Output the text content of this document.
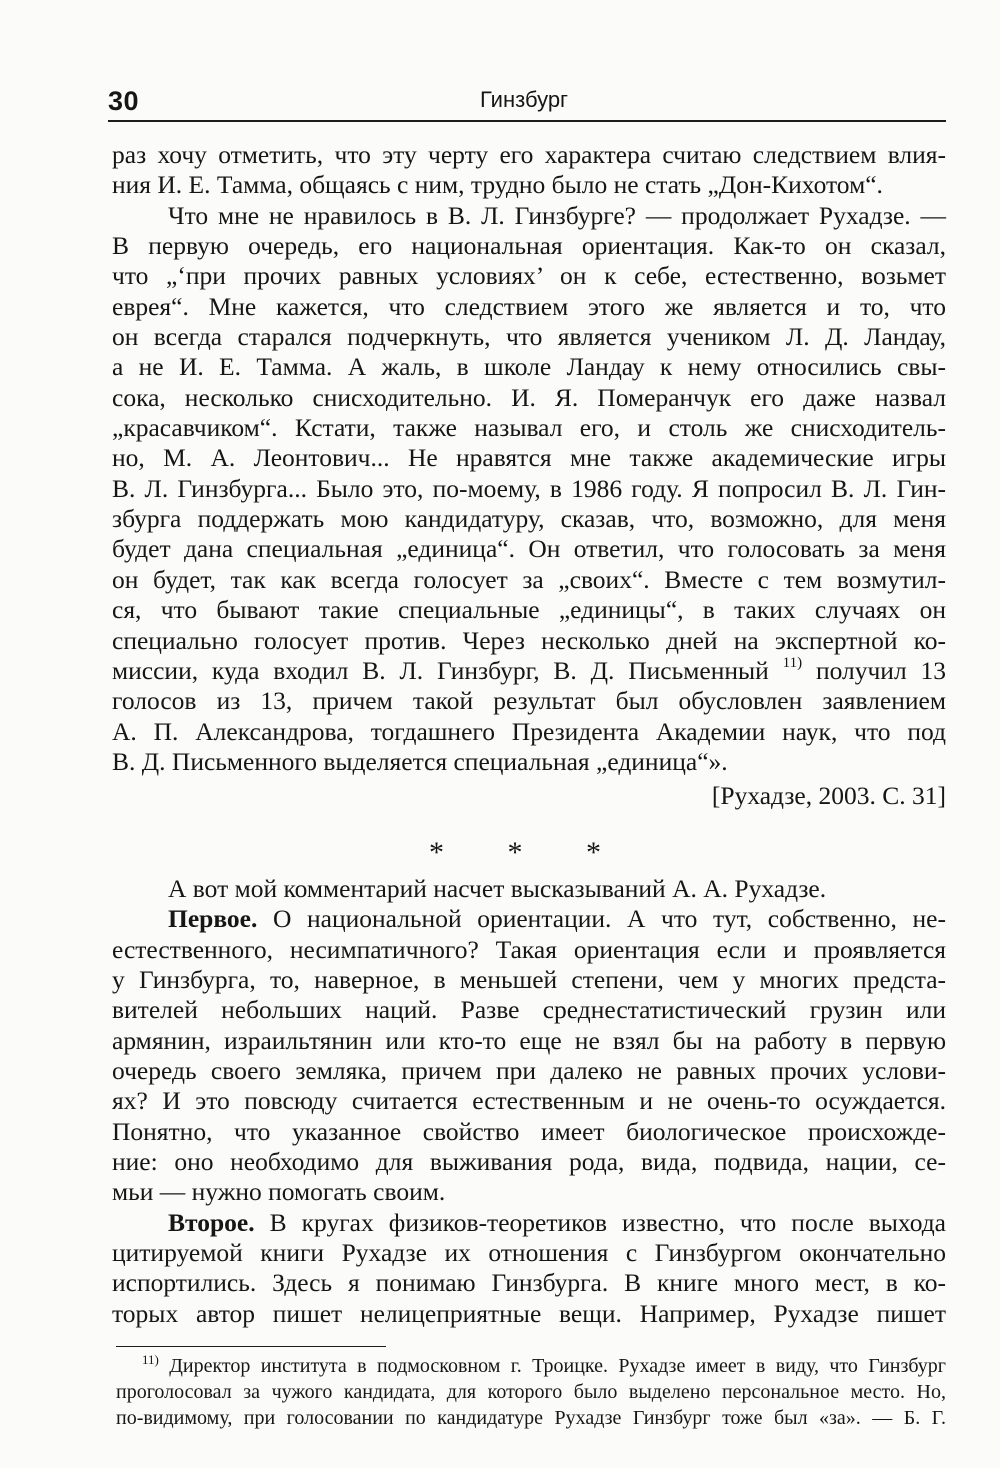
30	Гинзбург
раз хочу отметить, что эту черту его характера считаю следствием влия-
ния И. Е. Тамма, общаясь с ним, трудно было не стать „Дон-Кихотом“.
Что мне не нравилось в В. Л. Гинзбурге? — продолжает Рухадзе. —
В первую очередь, его национальная ориентация. Как-то он сказал,
что „‘при прочих равных условиях’ он к себе, естественно, возьмет
еврея“. Мне кажется, что следствием этого же является и то, что
он всегда старался подчеркнуть, что является учеником Л. Д. Ландау,
а не И. Е. Тамма. А жаль, в школе Ландау к нему относились свы-
сока, несколько снисходительно. И. Я. Померанчук его даже назвал
„красавчиком“. Кстати, также называл его, и столь же снисходитель-
но, М. А. Леонтович... Не нравятся мне также академические игры
В. Л. Гинзбурга... Было это, по-моему, в 1986 году. Я попросил В. Л. Гин-
збурга поддержать мою кандидатуру, сказав, что, возможно, для меня
будет дана специальная „единица“. Он ответил, что голосовать за меня
он будет, так как всегда голосует за „своих“. Вместе с тем возмутил-
ся, что бывают такие специальные „единицы“, в таких случаях он
специально голосует против. Через несколько дней на экспертной ко-
миссии, куда входил В. Л. Гинзбург, В. Д. Письменный $^{11)}$ получил 13
голосов из 13, причем такой результат был обусловлен заявлением
А. П. Александрова, тогдашнего Президента Академии наук, что под
В. Д. Письменного выделяется специальная „единица“».
[Рухадзе, 2003. С. 31]
* * *
А вот мой комментарий насчет высказываний А. А. Рухадзе.
Первое. О национальной ориентации. А что тут, собственно, не-
естественного, несимпатичного? Такая ориентация если и проявляется
у Гинзбурга, то, наверное, в меньшей степени, чем у многих предста-
вителей небольших наций. Разве среднестатистический грузин или
армянин, израильтянин или кто-то еще не взял бы на работу в первую
очередь своего земляка, причем при далеко не равных прочих услови-
ях? И это повсюду считается естественным и не очень-то осуждается.
Понятно, что указанное свойство имеет биологическое происхожде-
ние: оно необходимо для выживания рода, вида, подвида, нации, се-
мьи — нужно помогать своим.
Второе. В кругах физиков-теоретиков известно, что после выхода
цитируемой книги Рухадзе их отношения с Гинзбургом окончательно
испортились. Здесь я понимаю Гинзбурга. В книге много мест, в ко-
торых автор пишет нелицеприятные вещи. Например, Рухадзе пишет
$^{11)}$ Директор института в подмосковном г. Троицке. Рухадзе имеет в виду, что Гинзбург
проголосовал за чужого кандидата, для которого было выделено персональное место. Но,
по-видимому, при голосовании по кандидатуре Рухадзе Гинзбург тоже был «за». — Б. Г.
